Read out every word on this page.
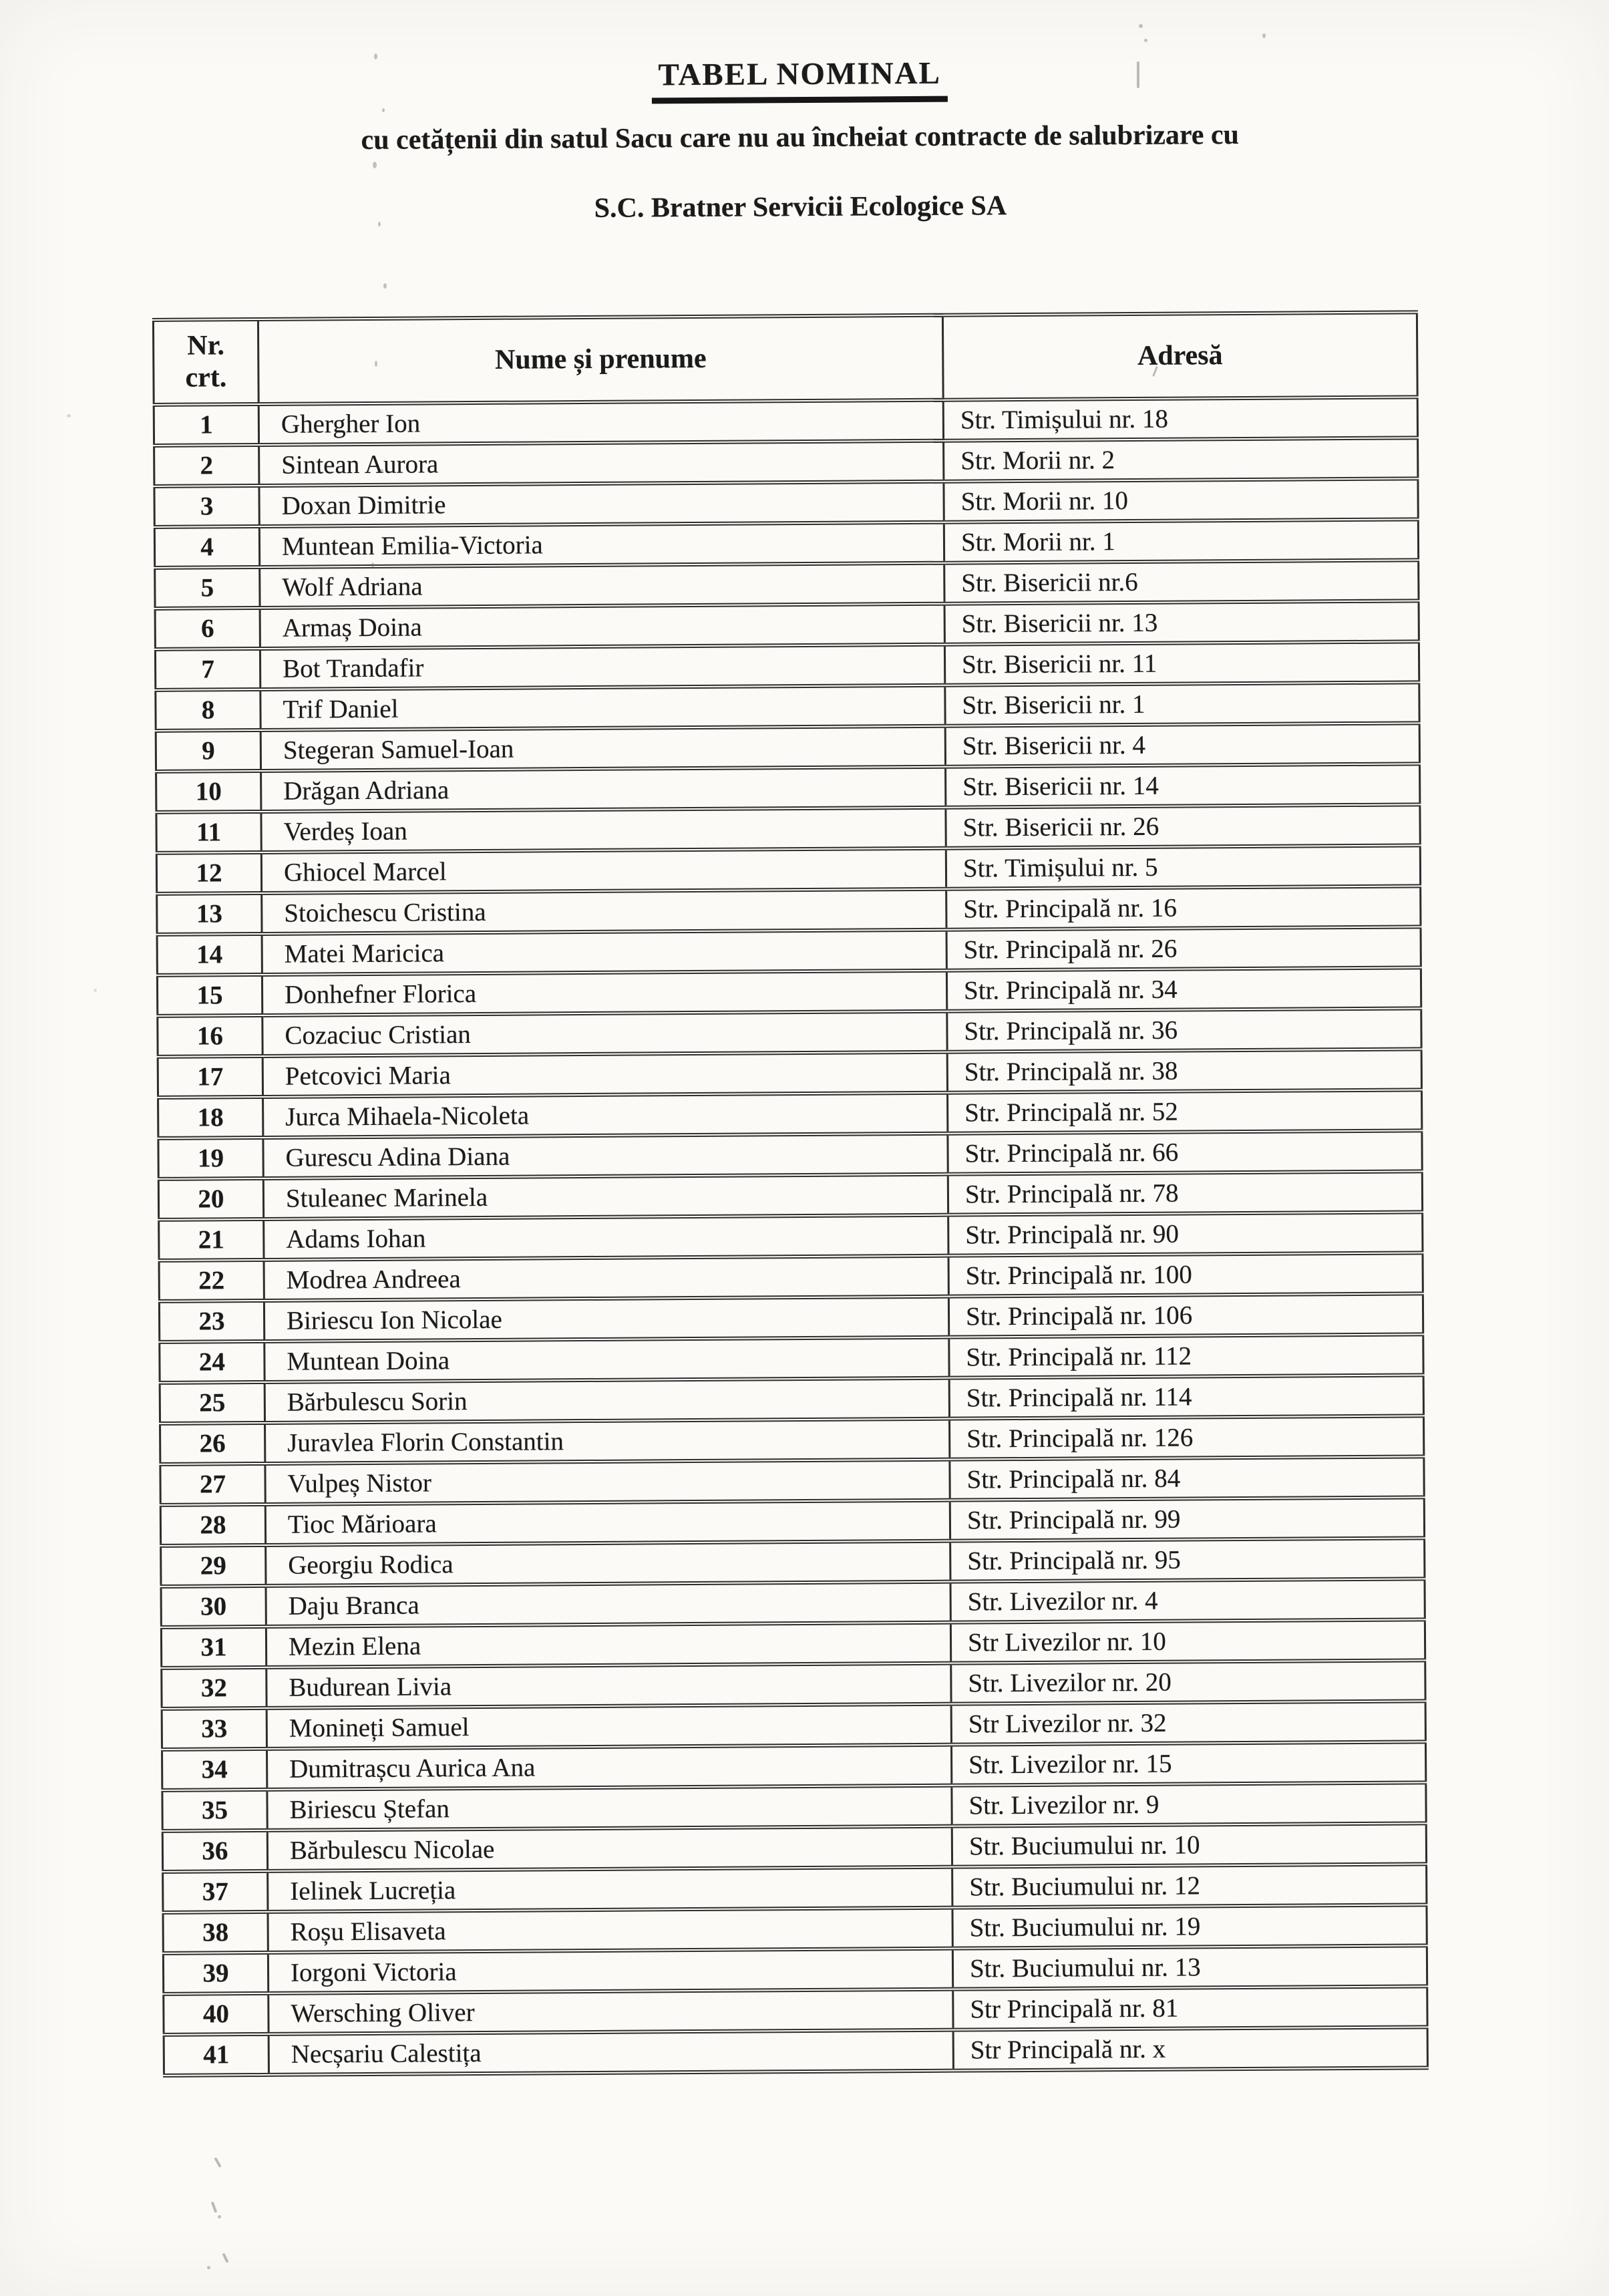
TABEL NOMINAL
cu cetățenii din satul Sacu care nu au încheiat contracte de salubrizare cu
S.C. Bratner Servicii Ecologice SA
Nr.
crt.	Nume și prenume	Adresă
1	Ghergher Ion	Str. Timișului nr. 18
2	Sintean Aurora	Str. Morii nr. 2
3	Doxan Dimitrie	Str. Morii nr. 10
4	Muntean Emilia-Victoria	Str. Morii nr. 1
5	Wolf Adriana	Str. Bisericii nr.6
6	Armaș Doina	Str. Bisericii nr. 13
7	Bot Trandafir	Str. Bisericii nr. 11
8	Trif Daniel	Str. Bisericii nr. 1
9	Stegeran Samuel-Ioan	Str. Bisericii nr. 4
10	Drăgan Adriana	Str. Bisericii nr. 14
11	Verdeș Ioan	Str. Bisericii nr. 26
12	Ghiocel Marcel	Str. Timișului nr. 5
13	Stoichescu Cristina	Str. Principală nr. 16
14	Matei Maricica	Str. Principală nr. 26
15	Donhefner Florica	Str. Principală nr. 34
16	Cozaciuc Cristian	Str. Principală nr. 36
17	Petcovici Maria	Str. Principală nr. 38
18	Jurca Mihaela-Nicoleta	Str. Principală nr. 52
19	Gurescu Adina Diana	Str. Principală nr. 66
20	Stuleanec Marinela	Str. Principală nr. 78
21	Adams Iohan	Str. Principală nr. 90
22	Modrea Andreea	Str. Principală nr. 100
23	Biriescu Ion Nicolae	Str. Principală nr. 106
24	Muntean Doina	Str. Principală nr. 112
25	Bărbulescu Sorin	Str. Principală nr. 114
26	Juravlea Florin Constantin	Str. Principală nr. 126
27	Vulpeș Nistor	Str. Principală nr. 84
28	Tioc Mărioara	Str. Principală nr. 99
29	Georgiu Rodica	Str. Principală nr. 95
30	Daju Branca	Str. Livezilor nr. 4
31	Mezin Elena	Str Livezilor nr. 10
32	Budurean Livia	Str. Livezilor nr. 20
33	Monineți Samuel	Str Livezilor nr. 32
34	Dumitrașcu Aurica Ana	Str. Livezilor nr. 15
35	Biriescu Ștefan	Str. Livezilor nr. 9
36	Bărbulescu Nicolae	Str. Buciumului nr. 10
37	Ielinek Lucreția	Str. Buciumului nr. 12
38	Roșu Elisaveta	Str. Buciumului nr. 19
39	Iorgoni Victoria	Str. Buciumului nr. 13
40	Wersching Oliver	Str Principală nr. 81
41	Necșariu Calestița	Str Principală nr. x
